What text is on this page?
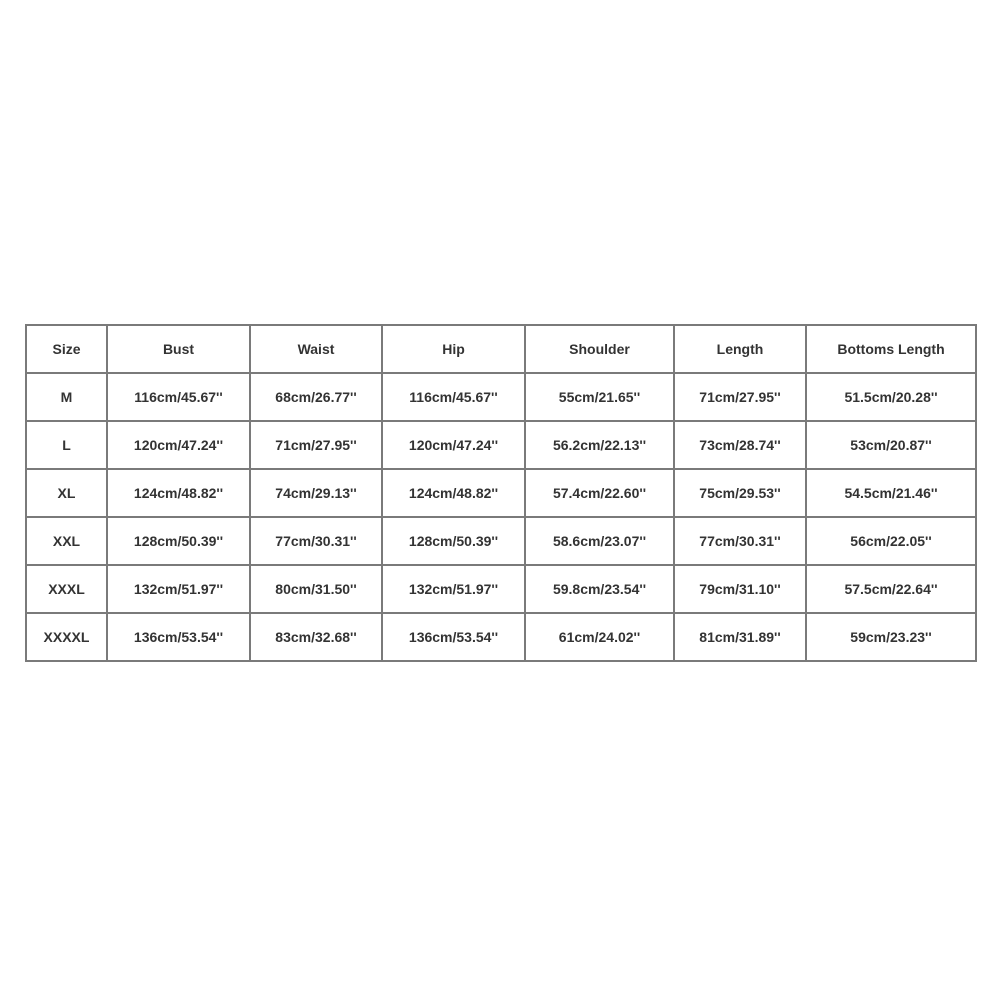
Size	Bust	Waist	Hip	Shoulder	Length	Bottoms Length
M	116cm/45.67''	68cm/26.77''	116cm/45.67''	55cm/21.65''	71cm/27.95''	51.5cm/20.28''
L	120cm/47.24''	71cm/27.95''	120cm/47.24''	56.2cm/22.13''	73cm/28.74''	53cm/20.87''
XL	124cm/48.82''	74cm/29.13''	124cm/48.82''	57.4cm/22.60''	75cm/29.53''	54.5cm/21.46''
XXL	128cm/50.39''	77cm/30.31''	128cm/50.39''	58.6cm/23.07''	77cm/30.31''	56cm/22.05''
XXXL	132cm/51.97''	80cm/31.50''	132cm/51.97''	59.8cm/23.54''	79cm/31.10''	57.5cm/22.64''
XXXXL	136cm/53.54''	83cm/32.68''	136cm/53.54''	61cm/24.02''	81cm/31.89''	59cm/23.23''
